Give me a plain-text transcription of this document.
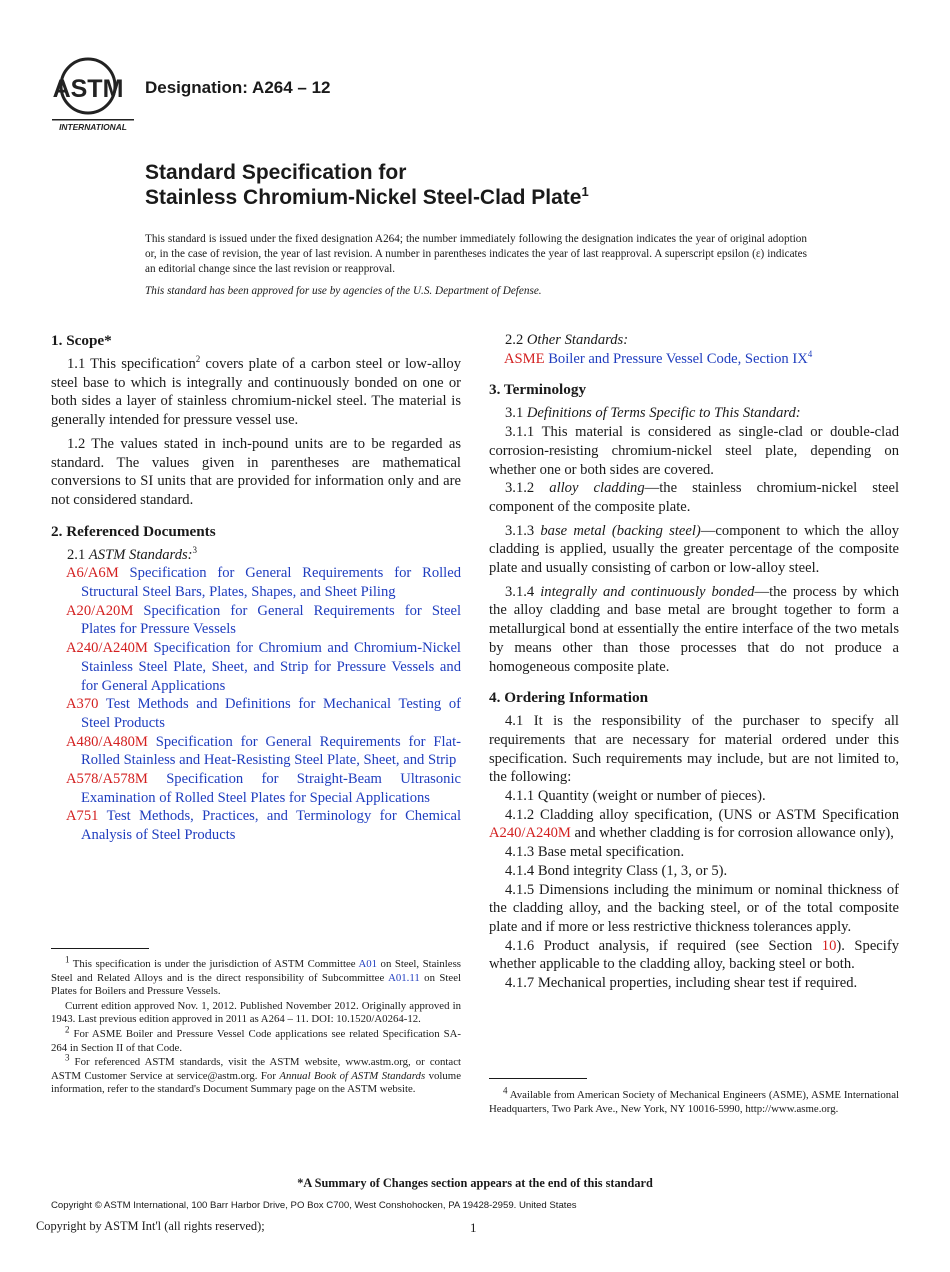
ASTM
INTERNATIONAL
Designation: A264 – 12
Standard Specification for
Stainless Chromium-Nickel Steel-Clad Plate$^1$
This standard is issued under the fixed designation A264; the number immediately following the designation indicates the year of original adoption or, in the case of revision, the year of last revision. A number in parentheses indicates the year of last reapproval. A superscript epsilon (ε) indicates an editorial change since the last revision or reapproval.
This standard has been approved for use by agencies of the U.S. Department of Defense.
1. Scope*

1.1 This specification$^2$ covers plate of a carbon steel or low-alloy steel base to which is integrally and continuously bonded on one or both sides a layer of stainless chromium-nickel steel. The material is generally intended for pressure vessel use.

1.2 The values stated in inch-pound units are to be regarded as standard. The values given in parentheses are mathematical conversions to SI units that are provided for information only and are not considered standard.

2. Referenced Documents

2.1 ASTM Standards:$^3$

A6/A6M Specification for General Requirements for Rolled Structural Steel Bars, Plates, Shapes, and Sheet Piling
A20/A20M Specification for General Requirements for Steel Plates for Pressure Vessels
A240/A240M Specification for Chromium and Chromium-Nickel Stainless Steel Plate, Sheet, and Strip for Pressure Vessels and for General Applications
A370 Test Methods and Definitions for Mechanical Testing of Steel Products
A480/A480M Specification for General Requirements for Flat-Rolled Stainless and Heat-Resisting Steel Plate, Sheet, and Strip
A578/A578M Specification for Straight-Beam Ultrasonic Examination of Rolled Steel Plates for Special Applications
A751 Test Methods, Practices, and Terminology for Chemical Analysis of Steel Products

2.2 Other Standards:

ASME Boiler and Pressure Vessel Code, Section $IX^4$
3. Terminology

3.1 Definitions of Terms Specific to This Standard:

3.1.1 This material is considered as single-clad or double-clad corrosion-resisting chromium-nickel steel plate, depending on whether one or both sides are covered.

3.1.2 alloy cladding—the stainless chromium-nickel steel component of the composite plate.

3.1.3 base metal (backing steel)—component to which the alloy cladding is applied, usually the greater percentage of the composite plate and usually consisting of carbon or low-alloy steel.

3.1.4 integrally and continuously bonded—the process by which the alloy cladding and base metal are brought together to form a metallurgical bond at essentially the entire interface of the two metals by means other than those processes that do not produce a homogeneous composite plate.

4. Ordering Information

4.1 It is the responsibility of the purchaser to specify all requirements that are necessary for material ordered under this specification. Such requirements may include, but are not limited to, the following:

4.1.1 Quantity (weight or number of pieces).

4.1.2 Cladding alloy specification, (UNS or ASTM Specification A240/A240M and whether cladding is for corrosion allowance only),

4.1.3 Base metal specification.

4.1.4 Bond integrity Class (1, 3, or 5).

4.1.5 Dimensions including the minimum or nominal thickness of the cladding alloy, and the backing steel, or of the total composite plate and if more or less restrictive thickness tolerances apply.

4.1.6 Product analysis, if required (see Section 10). Specify whether applicable to the cladding alloy, backing steel or both.

4.1.7 Mechanical properties, including shear test if required.

$^1$ This specification is under the jurisdiction of ASTM Committee A01 on Steel, Stainless Steel and Related Alloys and is the direct responsibility of Subcommittee A01.11 on Steel Plates for Boilers and Pressure Vessels.

Current edition approved Nov. 1, 2012. Published November 2012. Originally approved in 1943. Last previous edition approved in 2011 as A264 – 11. DOI: 10.1520/A0264-12.

$^2$ For ASME Boiler and Pressure Vessel Code applications see related Specification SA-264 in Section II of that Code.

$^3$ For referenced ASTM standards, visit the ASTM website, www.astm.org, or contact ASTM Customer Service at service@astm.org. For Annual Book of ASTM Standards volume information, refer to the standard's Document Summary page on the ASTM website.	$^4$ Available from American Society of Mechanical Engineers (ASME), ASME International Headquarters, Two Park Ave., New York, NY 10016-5990, http://www.asme.org.

*A Summary of Changes section appears at the end of this standard
Copyright © ASTM International, 100 Barr Harbor Drive, PO Box C700, West Conshohocken, PA 19428-2959. United States
Copyright by ASTM Int'l (all rights reserved);	1
